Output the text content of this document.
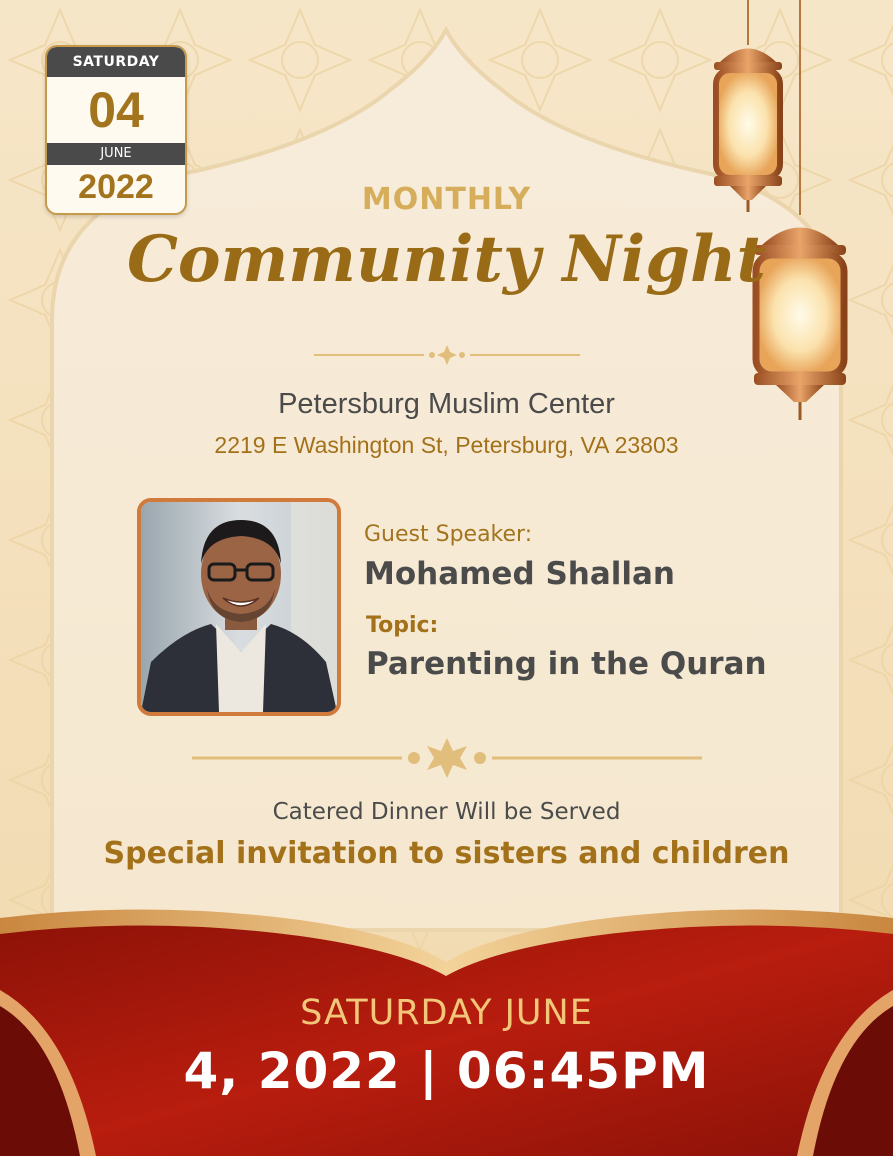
SATURDAY
04
JUNE
2022	MONTHLY
Community Night
Petersburg Muslim Center
2219 E Washington St, Petersburg, VA 23803
Guest Speaker:
Mohamed Shallan
Topic:
Parenting in the Quran
Catered Dinner Will be Served
Special invitation to sisters and children
SATURDAY JUNE
4, 2022 | 06:45PM
